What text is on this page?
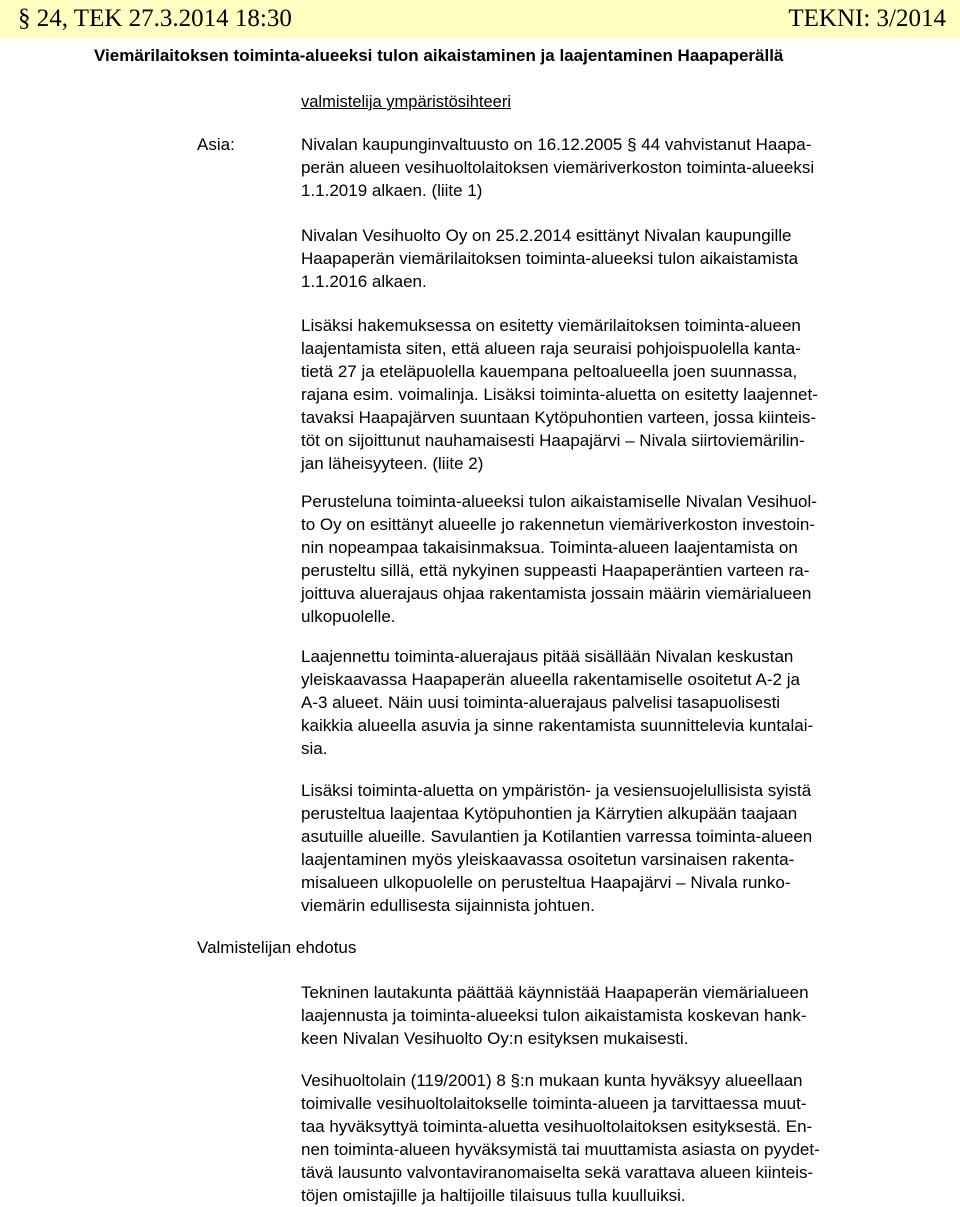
§ 24, TEK 27.3.2014 18:30	TEKNI: 3/2014
Viemärilaitoksen toiminta-alueeksi tulon aikaistaminen ja laajentaminen Haapaperällä
valmistelija ympäristösihteeri
Asia:
Valmistelijan ehdotus
Nivalan kaupunginvaltuusto on 16.12.2005 § 44 vahvistanut Haapa-
perän alueen vesihuoltolaitoksen viemäriverkoston toiminta-alueeksi
1.1.2019 alkaen. (liite 1)
Nivalan Vesihuolto Oy on 25.2.2014 esittänyt Nivalan kaupungille
Haapaperän viemärilaitoksen toiminta-alueeksi tulon aikaistamista
1.1.2016 alkaen.
Lisäksi hakemuksessa on esitetty viemärilaitoksen toiminta-alueen
laajentamista siten, että alueen raja seuraisi pohjoispuolella kanta-
tietä 27 ja eteläpuolella kauempana peltoalueella joen suunnassa,
rajana esim. voimalinja. Lisäksi toiminta-aluetta on esitetty laajennet-
tavaksi Haapajärven suuntaan Kytöpuhontien varteen, jossa kiinteis-
töt on sijoittunut nauhamaisesti Haapajärvi – Nivala siirtoviemärilin-
jan läheisyyteen. (liite 2)
Perusteluna toiminta-alueeksi tulon aikaistamiselle Nivalan Vesihuol-
to Oy on esittänyt alueelle jo rakennetun viemäriverkoston investoin-
nin nopeampaa takaisinmaksua. Toiminta-alueen laajentamista on
perusteltu sillä, että nykyinen suppeasti Haapaperäntien varteen ra-
joittuva aluerajaus ohjaa rakentamista jossain määrin viemärialueen
ulkopuolelle.
Laajennettu toiminta-aluerajaus pitää sisällään Nivalan keskustan
yleiskaavassa Haapaperän alueella rakentamiselle osoitetut A-2 ja
A-3 alueet. Näin uusi toiminta-aluerajaus palvelisi tasapuolisesti
kaikkia alueella asuvia ja sinne rakentamista suunnittelevia kuntalai-
sia.
Lisäksi toiminta-aluetta on ympäristön- ja vesiensuojelullisista syistä
perusteltua laajentaa Kytöpuhontien ja Kärrytien alkupään taajaan
asutuille alueille. Savulantien ja Kotilantien varressa toiminta-alueen
laajentaminen myös yleiskaavassa osoitetun varsinaisen rakenta-
misalueen ulkopuolelle on perusteltua Haapajärvi – Nivala runko-
viemärin edullisesta sijainnista johtuen.
Tekninen lautakunta päättää käynnistää Haapaperän viemärialueen
laajennusta ja toiminta-alueeksi tulon aikaistamista koskevan hank-
keen Nivalan Vesihuolto Oy:n esityksen mukaisesti.
Vesihuoltolain (119/2001) 8 §:n mukaan kunta hyväksyy alueellaan
toimivalle vesihuoltolaitokselle toiminta-alueen ja tarvittaessa muut-
taa hyväksyttyä toiminta-aluetta vesihuoltolaitoksen esityksestä. En-
nen toiminta-alueen hyväksymistä tai muuttamista asiasta on pyydet-
tävä lausunto valvontaviranomaiselta sekä varattava alueen kiinteis-
töjen omistajille ja haltijoille tilaisuus tulla kuulluiksi.
